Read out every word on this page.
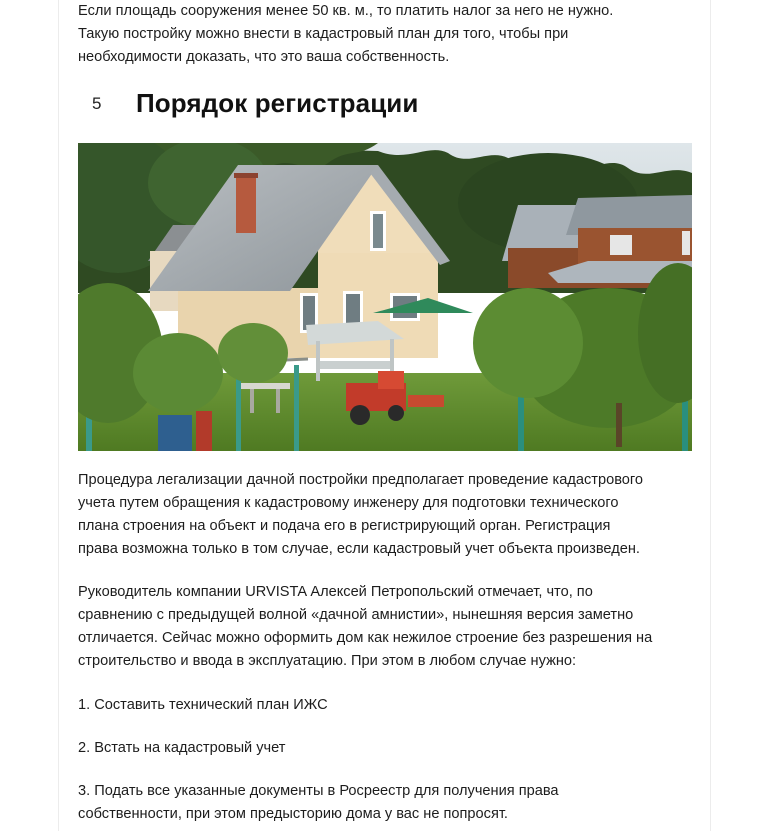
Если площадь сооружения менее 50 кв. м., то платить налог за него не нужно.
Такую постройку можно внести в кадастровый план для того, чтобы при
необходимости доказать, что это ваша собственность.

5	Порядок регистрации

Процедура легализации дачной постройки предполагает проведение кадастрового
учета путем обращения к кадастровому инженеру для подготовки технического
плана строения на объект и подача его в регистрирующий орган. Регистрация
права возможна только в том случае, если кадастровый учет объекта произведен.

Руководитель компании URVISTA Алексей Петропольский отмечает, что, по
сравнению с предыдущей волной «дачной амнистии», нынешняя версия заметно
отличается. Сейчас можно оформить дом как нежилое строение без разрешения на
строительство и ввода в эксплуатацию. При этом в любом случае нужно:

1. Составить технический план ИЖС

2. Встать на кадастровый учет

3. Подать все указанные документы в Росреестр для получения права
собственности, при этом предысторию дома у вас не попросят.
